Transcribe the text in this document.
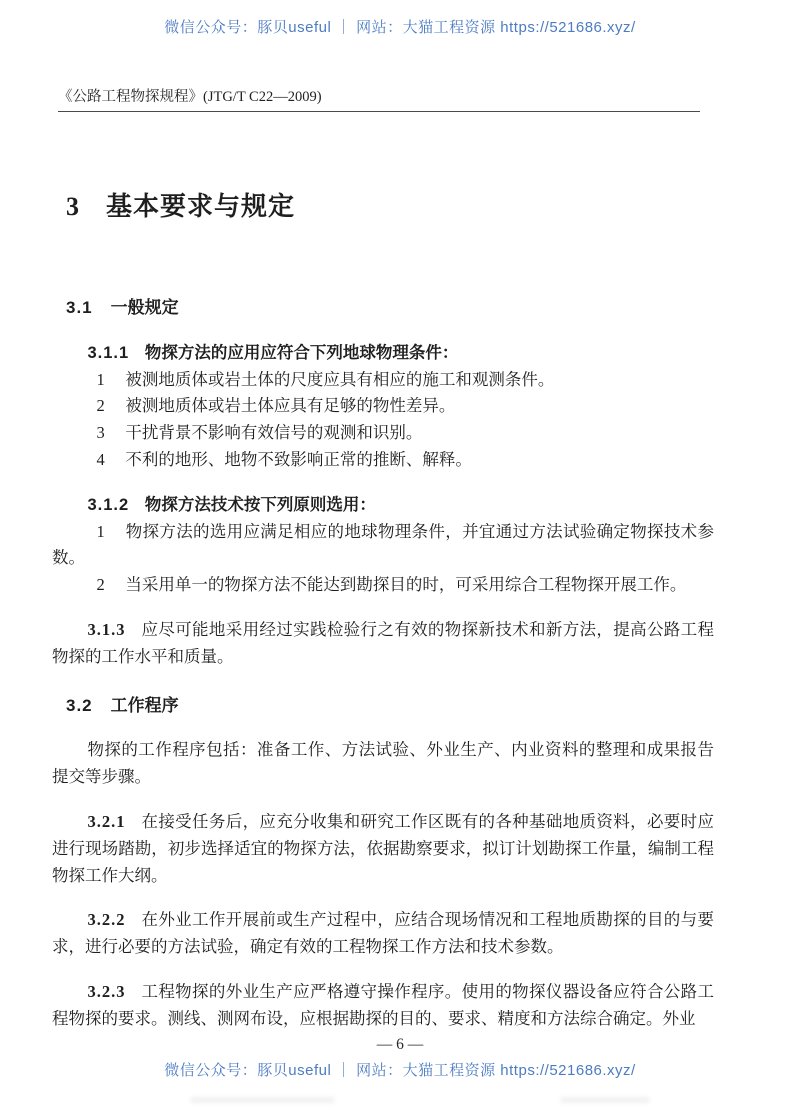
微信公众号：豚贝useful ｜ 网站：大猫工程资源 https://521686.xyz/
《公路工程物探规程》(JTG/T C22—2009)
3 基本要求与规定
3.1 一般规定

3.1.1 物探方法的应用应符合下列地球物理条件：

1 被测地质体或岩土体的尺度应具有相应的施工和观测条件。

2 被测地质体或岩土体应具有足够的物性差异。

3 干扰背景不影响有效信号的观测和识别。

4 不利的地形、地物不致影响正常的推断、解释。

3.1.2 物探方法技术按下列原则选用：

1 物探方法的选用应满足相应的地球物理条件，并宜通过方法试验确定物探技术参数。

2 当采用单一的物探方法不能达到勘探目的时，可采用综合工程物探开展工作。

3.1.3 应尽可能地采用经过实践检验行之有效的物探新技术和新方法，提高公路工程物探的工作水平和质量。

3.2 工作程序

物探的工作程序包括：准备工作、方法试验、外业生产、内业资料的整理和成果报告提交等步骤。

3.2.1 在接受任务后，应充分收集和研究工作区既有的各种基础地质资料，必要时应进行现场踏勘，初步选择适宜的物探方法，依据勘察要求，拟订计划勘探工作量，编制工程物探工作大纲。

3.2.2 在外业工作开展前或生产过程中，应结合现场情况和工程地质勘探的目的与要求，进行必要的方法试验，确定有效的工程物探工作方法和技术参数。

3.2.3 工程物探的外业生产应严格遵守操作程序。使用的物探仪器设备应符合公路工程物探的要求。测线、测网布设，应根据勘探的目的、要求、精度和方法综合确定。外业

— 6 —
微信公众号：豚贝useful ｜ 网站：大猫工程资源 https://521686.xyz/
